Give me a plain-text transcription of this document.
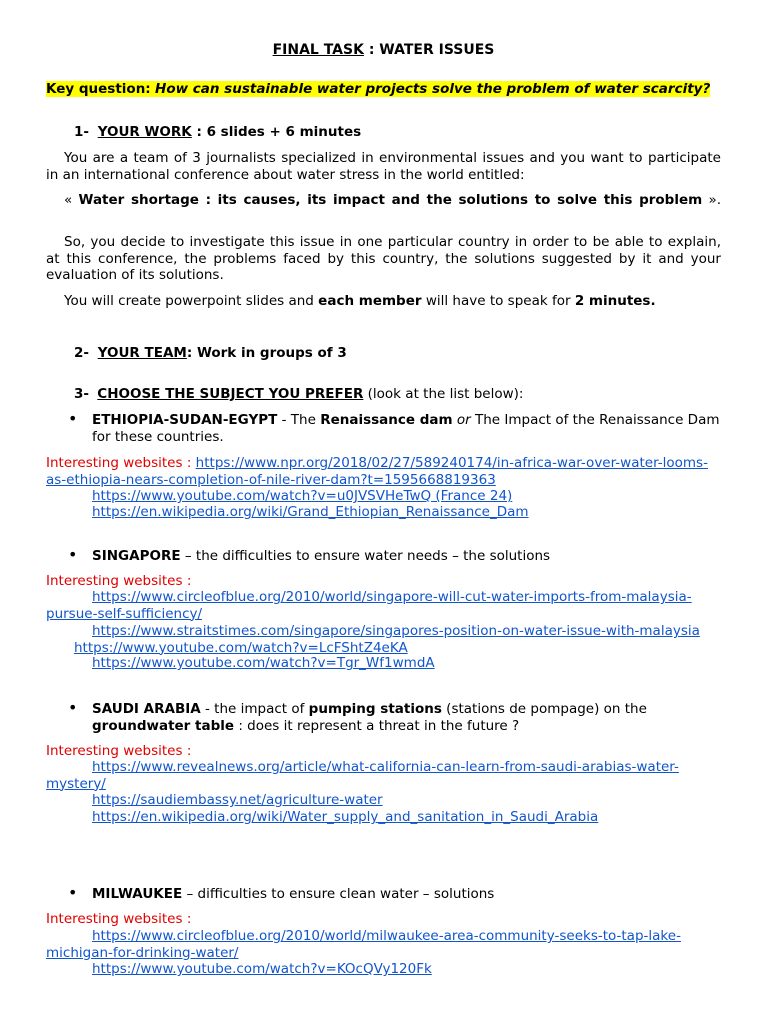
FINAL TASK : WATER ISSUES
Key question: How can sustainable water projects solve the problem of water scarcity?
1- YOUR WORK : 6 slides + 6 minutes
You are a team of 3 journalists specialized in environmental issues and you want to participate in an international conference about water stress in the world entitled:
« Water shortage : its causes, its impact and the solutions to solve this problem ».
So, you decide to investigate this issue in one particular country in order to be able to explain, at this conference, the problems faced by this country, the solutions suggested by it and your evaluation of its solutions.
You will create powerpoint slides and each member will have to speak for 2 minutes.
2- YOUR TEAM: Work in groups of 3
3- CHOOSE THE SUBJECT YOU PREFER (look at the list below):
• ETHIOPIA-SUDAN-EGYPT - The Renaissance dam or The Impact of the Renaissance Dam for these countries.
Interesting websites : https://www.npr.org/2018/02/27/589240174/in-africa-war-over-water-looms-as-ethiopia-nears-completion-of-nile-river-dam?t=1595668819363
https://www.youtube.com/watch?v=u0JVSVHeTwQ (France 24)
https://en.wikipedia.org/wiki/Grand_Ethiopian_Renaissance_Dam
• SINGAPORE – the difficulties to ensure water needs – the solutions
Interesting websites :
https://www.circleofblue.org/2010/world/singapore-will-cut-water-imports-from-malaysia-pursue-self-sufficiency/
https://www.straitstimes.com/singapore/singapores-position-on-water-issue-with-malaysiahttps://www.youtube.com/watch?v=LcFShtZ4eKA
https://www.youtube.com/watch?v=Tgr_Wf1wmdA
• SAUDI ARABIA - the impact of pumping stations (stations de pompage) on the groundwater table : does it represent a threat in the future ?
Interesting websites :
https://www.revealnews.org/article/what-california-can-learn-from-saudi-arabias-water-mystery/
https://saudiembassy.net/agriculture-water
https://en.wikipedia.org/wiki/Water_supply_and_sanitation_in_Saudi_Arabia
• MILWAUKEE – difficulties to ensure clean water – solutions
Interesting websites :
https://www.circleofblue.org/2010/world/milwaukee-area-community-seeks-to-tap-lake-michigan-for-drinking-water/
https://www.youtube.com/watch?v=KOcQVy120Fk
